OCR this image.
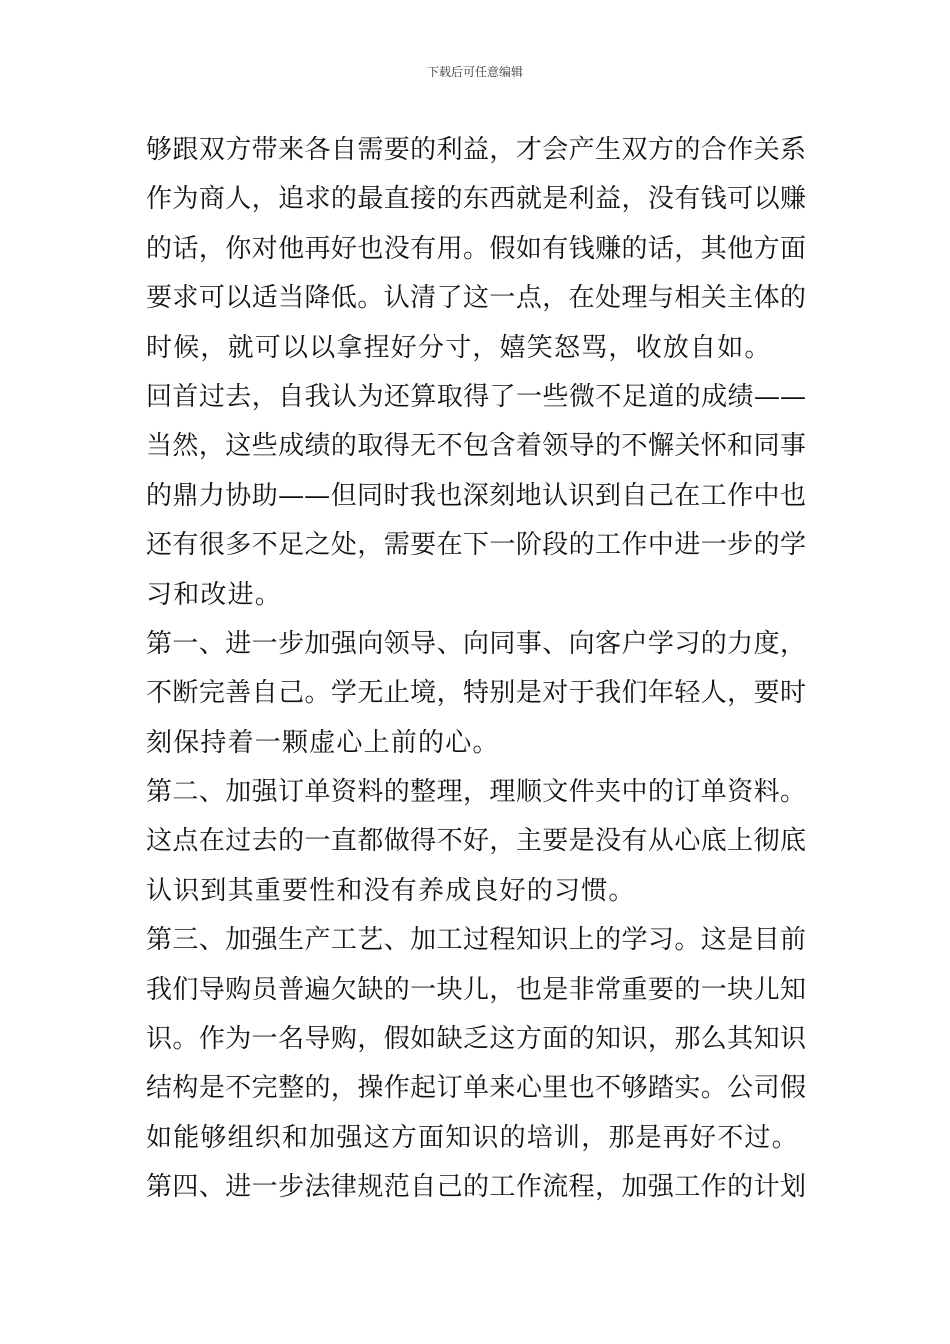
下载后可任意编辑
够跟双方带来各自需要的利益，才会产生双方的合作关系
作为商人，追求的最直接的东西就是利益，没有钱可以赚
的话，你对他再好也没有用。假如有钱赚的话，其他方面
要求可以适当降低。认清了这一点，在处理与相关主体的
时候，就可以以拿捏好分寸，嬉笑怒骂，收放自如。
回首过去，自我认为还算取得了一些微不足道的成绩——
当然，这些成绩的取得无不包含着领导的不懈关怀和同事
的鼎力协助——但同时我也深刻地认识到自己在工作中也
还有很多不足之处，需要在下一阶段的工作中进一步的学
习和改进。
第一、进一步加强向领导、向同事、向客户学习的力度，
不断完善自己。学无止境，特别是对于我们年轻人，要时
刻保持着一颗虚心上前的心。
第二、加强订单资料的整理，理顺文件夹中的订单资料。
这点在过去的一直都做得不好，主要是没有从心底上彻底
认识到其重要性和没有养成良好的习惯。
第三、加强生产工艺、加工过程知识上的学习。这是目前
我们导购员普遍欠缺的一块儿，也是非常重要的一块儿知
识。作为一名导购，假如缺乏这方面的知识，那么其知识
结构是不完整的，操作起订单来心里也不够踏实。公司假
如能够组织和加强这方面知识的培训，那是再好不过。
第四、进一步法律规范自己的工作流程，加强工作的计划
